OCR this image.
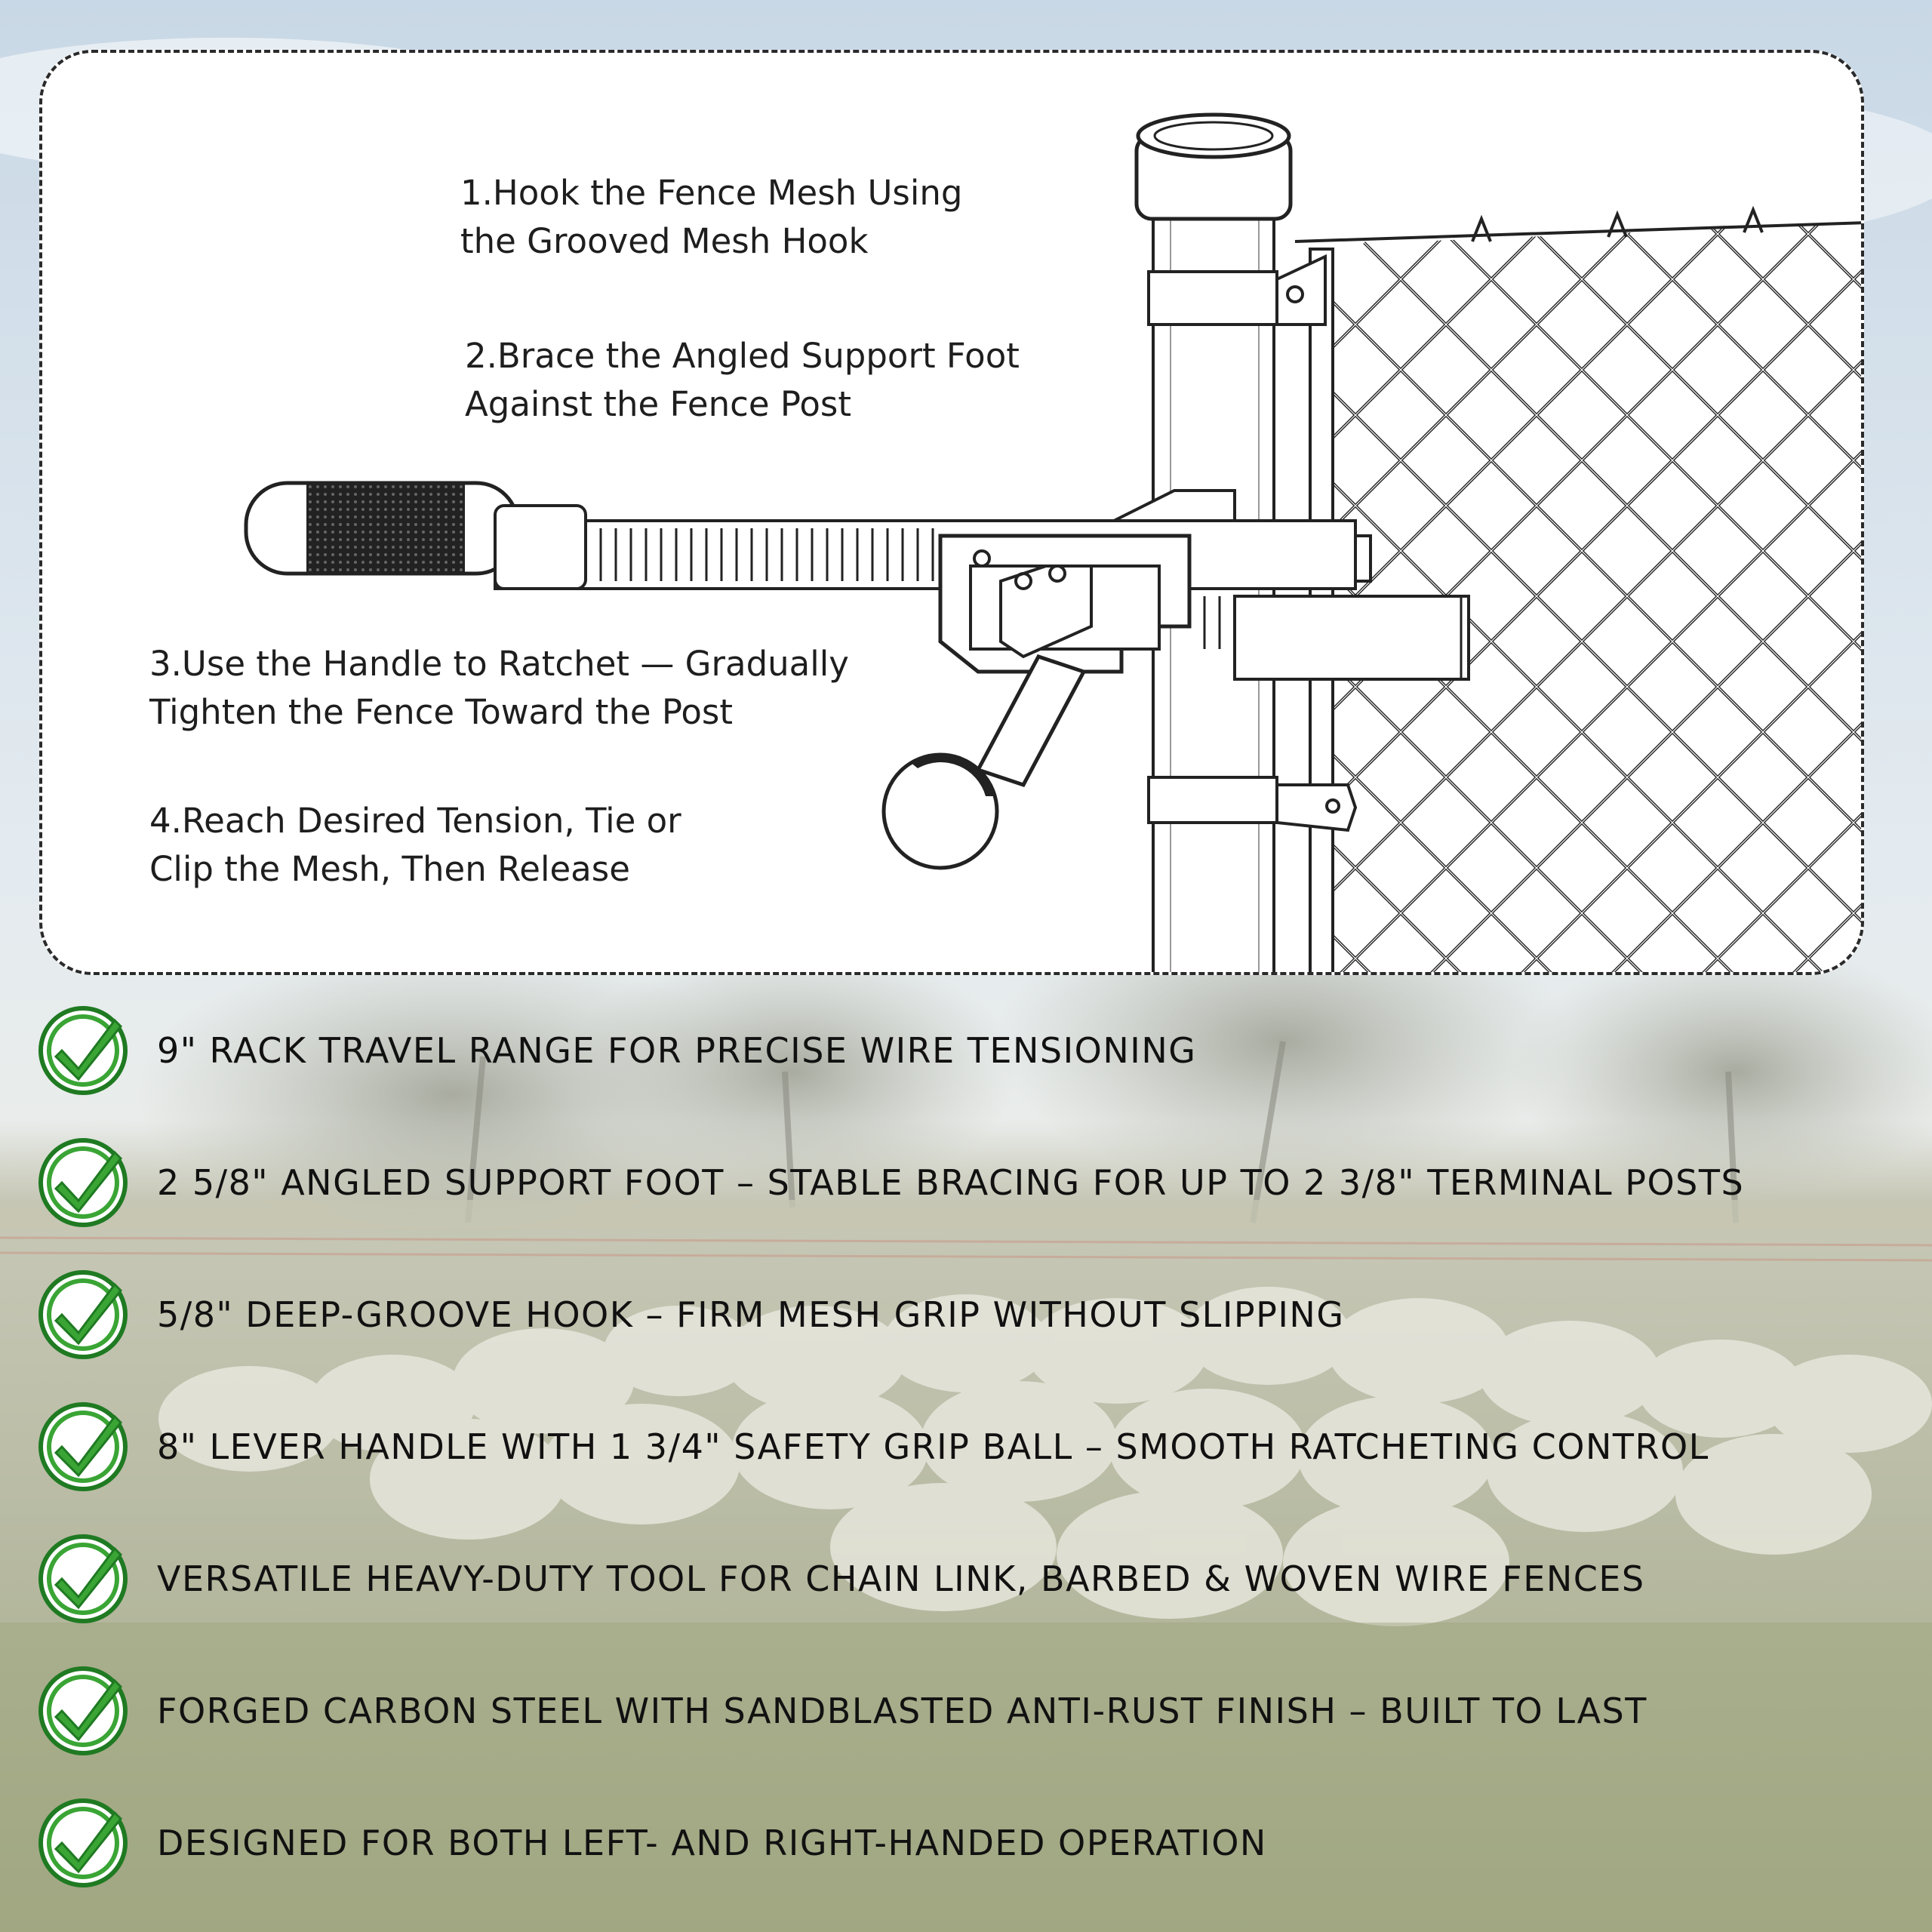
1.Hook the Fence Mesh Using
the Grooved Mesh Hook
2.Brace the Angled Support Foot
Against the Fence Post
3.Use the Handle to Ratchet — Gradually
Tighten the Fence Toward the Post
4.Reach Desired Tension, Tie or
Clip the Mesh, Then Release
9" RACK TRAVEL RANGE FOR PRECISE WIRE TENSIONING
2 5/8" ANGLED SUPPORT FOOT – STABLE BRACING FOR UP TO 2 3/8" TERMINAL POSTS
5/8" DEEP-GROOVE HOOK – FIRM MESH GRIP WITHOUT SLIPPING
8" LEVER HANDLE WITH 1 3/4" SAFETY GRIP BALL – SMOOTH RATCHETING CONTROL
VERSATILE HEAVY-DUTY TOOL FOR CHAIN LINK, BARBED & WOVEN WIRE FENCES
FORGED CARBON STEEL WITH SANDBLASTED ANTI-RUST FINISH – BUILT TO LAST
DESIGNED FOR BOTH LEFT- AND RIGHT-HANDED OPERATION
